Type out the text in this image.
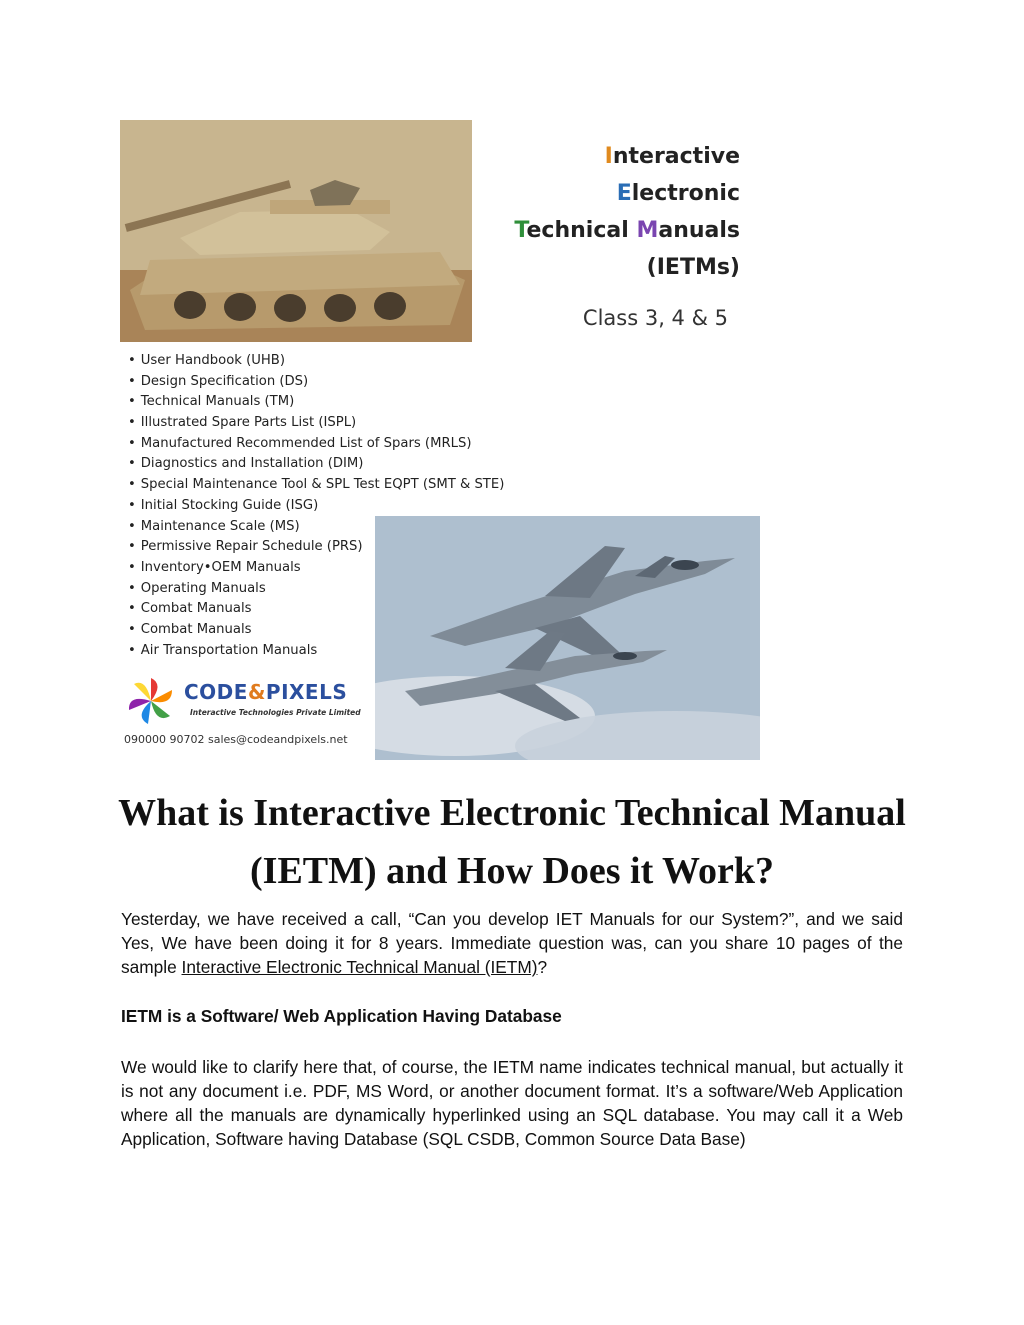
Interactive
Electronic
Technical Manuals
(IETMs)
Class 3, 4 & 5
• User Handbook (UHB)
• Design Specification (DS)
• Technical Manuals (TM)
• Illustrated Spare Parts List (ISPL)
• Manufactured Recommended List of Spars (MRLS)
• Diagnostics and Installation (DIM)
• Special Maintenance Tool & SPL Test EQPT (SMT & STE)
• Initial Stocking Guide (ISG)
• Maintenance Scale (MS)
• Permissive Repair Schedule (PRS)
• Inventory•OEM Manuals
• Operating Manuals
• Combat Manuals
• Combat Manuals
• Air Transportation Manuals
CODE&PIXELS
Interactive Technologies Private Limited
090000 90702 sales@codeandpixels.net
What is Interactive Electronic Technical Manual (IETM) and How Does it Work?

Yesterday, we have received a call, “Can you develop IET Manuals for our System?”, and we said Yes, We have been doing it for 8 years. Immediate question was, can you share 10 pages of the sample Interactive Electronic Technical Manual (IETM)?

IETM is a Software/ Web Application Having Database

We would like to clarify here that, of course, the IETM name indicates technical manual, but actually it is not any document i.e. PDF, MS Word, or another document format. It’s a software/Web Application where all the manuals are dynamically hyperlinked using an SQL database. You may call it a Web Application, Software having Database (SQL CSDB, Common Source Data Base)
